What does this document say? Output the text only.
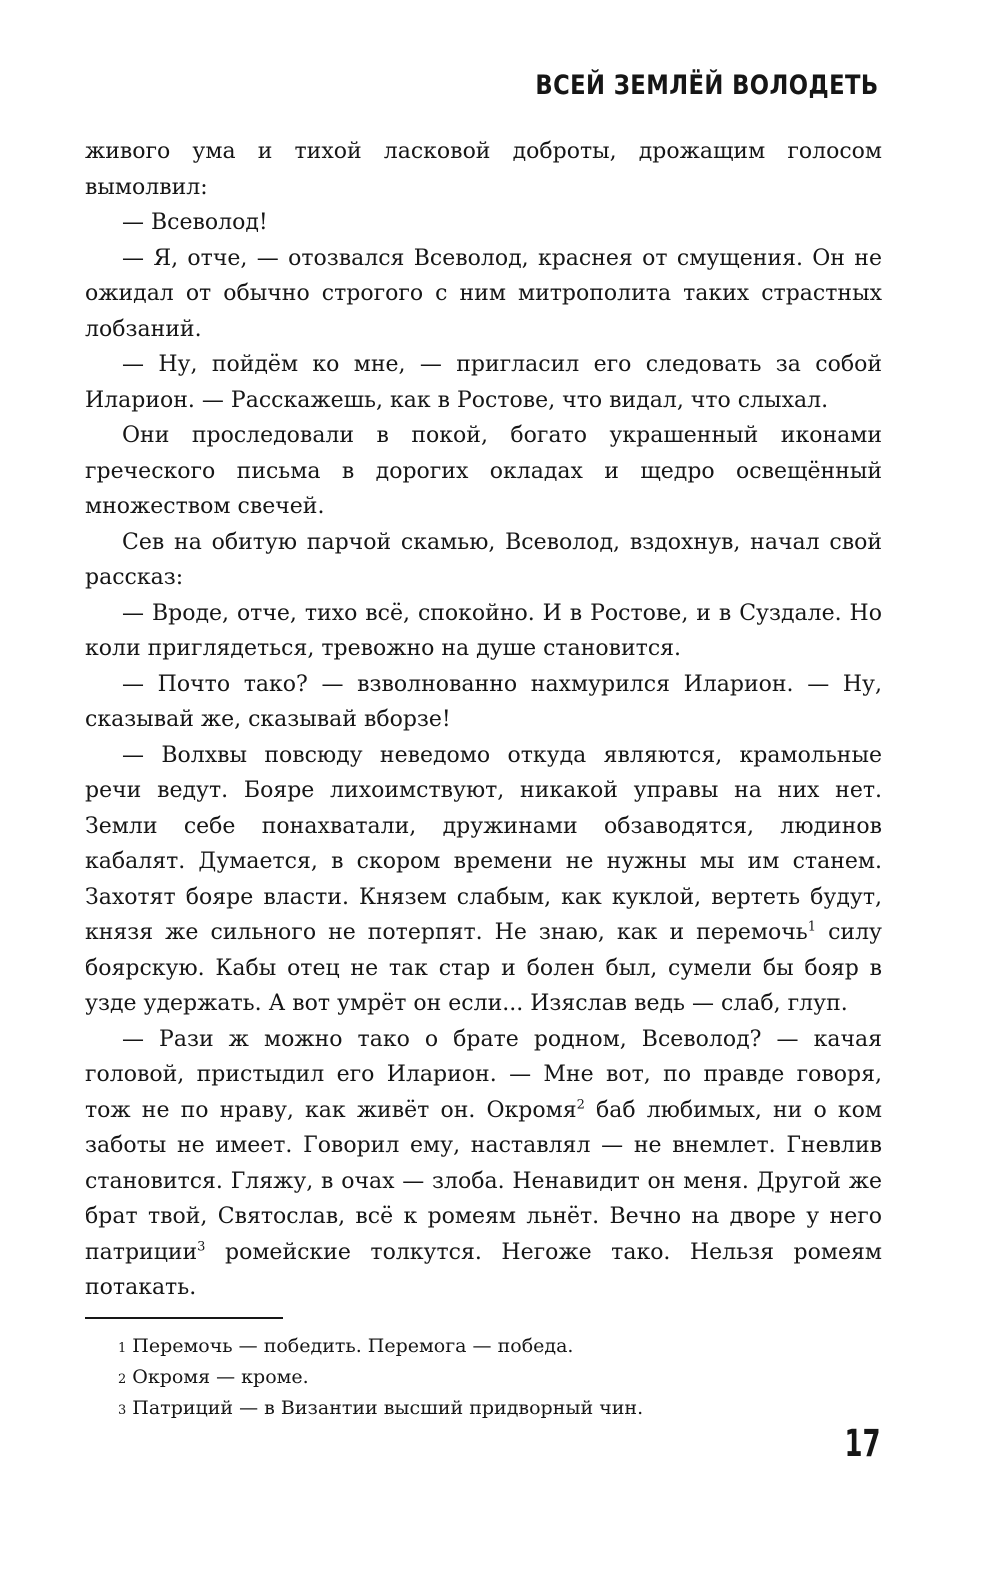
ВСЕЙ ЗЕМЛЁЙ ВОЛОДЕТЬ

живого ума и тихой ласковой доброты, дрожащим голосом вымолвил:

— Всеволод!

— Я, отче, — отозвался Всеволод, краснея от смущения. Он не ожидал от обычно строгого с ним митрополита таких страстных лобзаний.

— Ну, пойдём ко мне, — пригласил его следовать за собой Иларион. — Расскажешь, как в Ростове, что видал, что слыхал.

Они проследовали в покой, богато украшенный иконами греческого письма в дорогих окладах и щедро освещённый множеством свечей.

Сев на обитую парчой скамью, Всеволод, вздохнув, начал свой рассказ:

— Вроде, отче, тихо всё, спокойно. И в Ростове, и в Суздале. Но коли приглядеться, тревожно на душе становится.

— Почто тако? — взволнованно нахмурился Иларион. — Ну, сказывай же, сказывай вборзе!

— Волхвы повсюду неведомо откуда являются, крамольные речи ведут. Бояре лихоимствуют, никакой управы на них нет. Земли себе понахватали, дружинами обзаводятся, людинов кабалят. Думается, в скором времени не нужны мы им станем. Захотят бояре власти. Князем слабым, как куклой, вертеть будут, князя же сильного не потерпят. Не знаю, как и перемочь$^1$ силу боярскую. Кабы отец не так стар и болен был, сумели бы бояр в узде удержать. А вот умрёт он если... Изяслав ведь — слаб, глуп.

— Рази ж можно тако о брате родном, Всеволод? — качая головой, пристыдил его Иларион. — Мне вот, по правде говоря, тож не по нраву, как живёт он. Окромя$^2$ баб любимых, ни о ком заботы не имеет. Говорил ему, наставлял — не внемлет. Гневлив становится. Гляжу, в очах — злоба. Ненавидит он меня. Другой же брат твой, Святослав, всё к ромеям льнёт. Вечно на дворе у него патриции$^3$ ромейские толкутся. Негоже тако. Нельзя ромеям потакать.

$^1$ Перемочь — победить. Перемога — победа.

$^2$ Окромя — кроме.

$^3$ Патриций — в Византии высший придворный чин.

17
